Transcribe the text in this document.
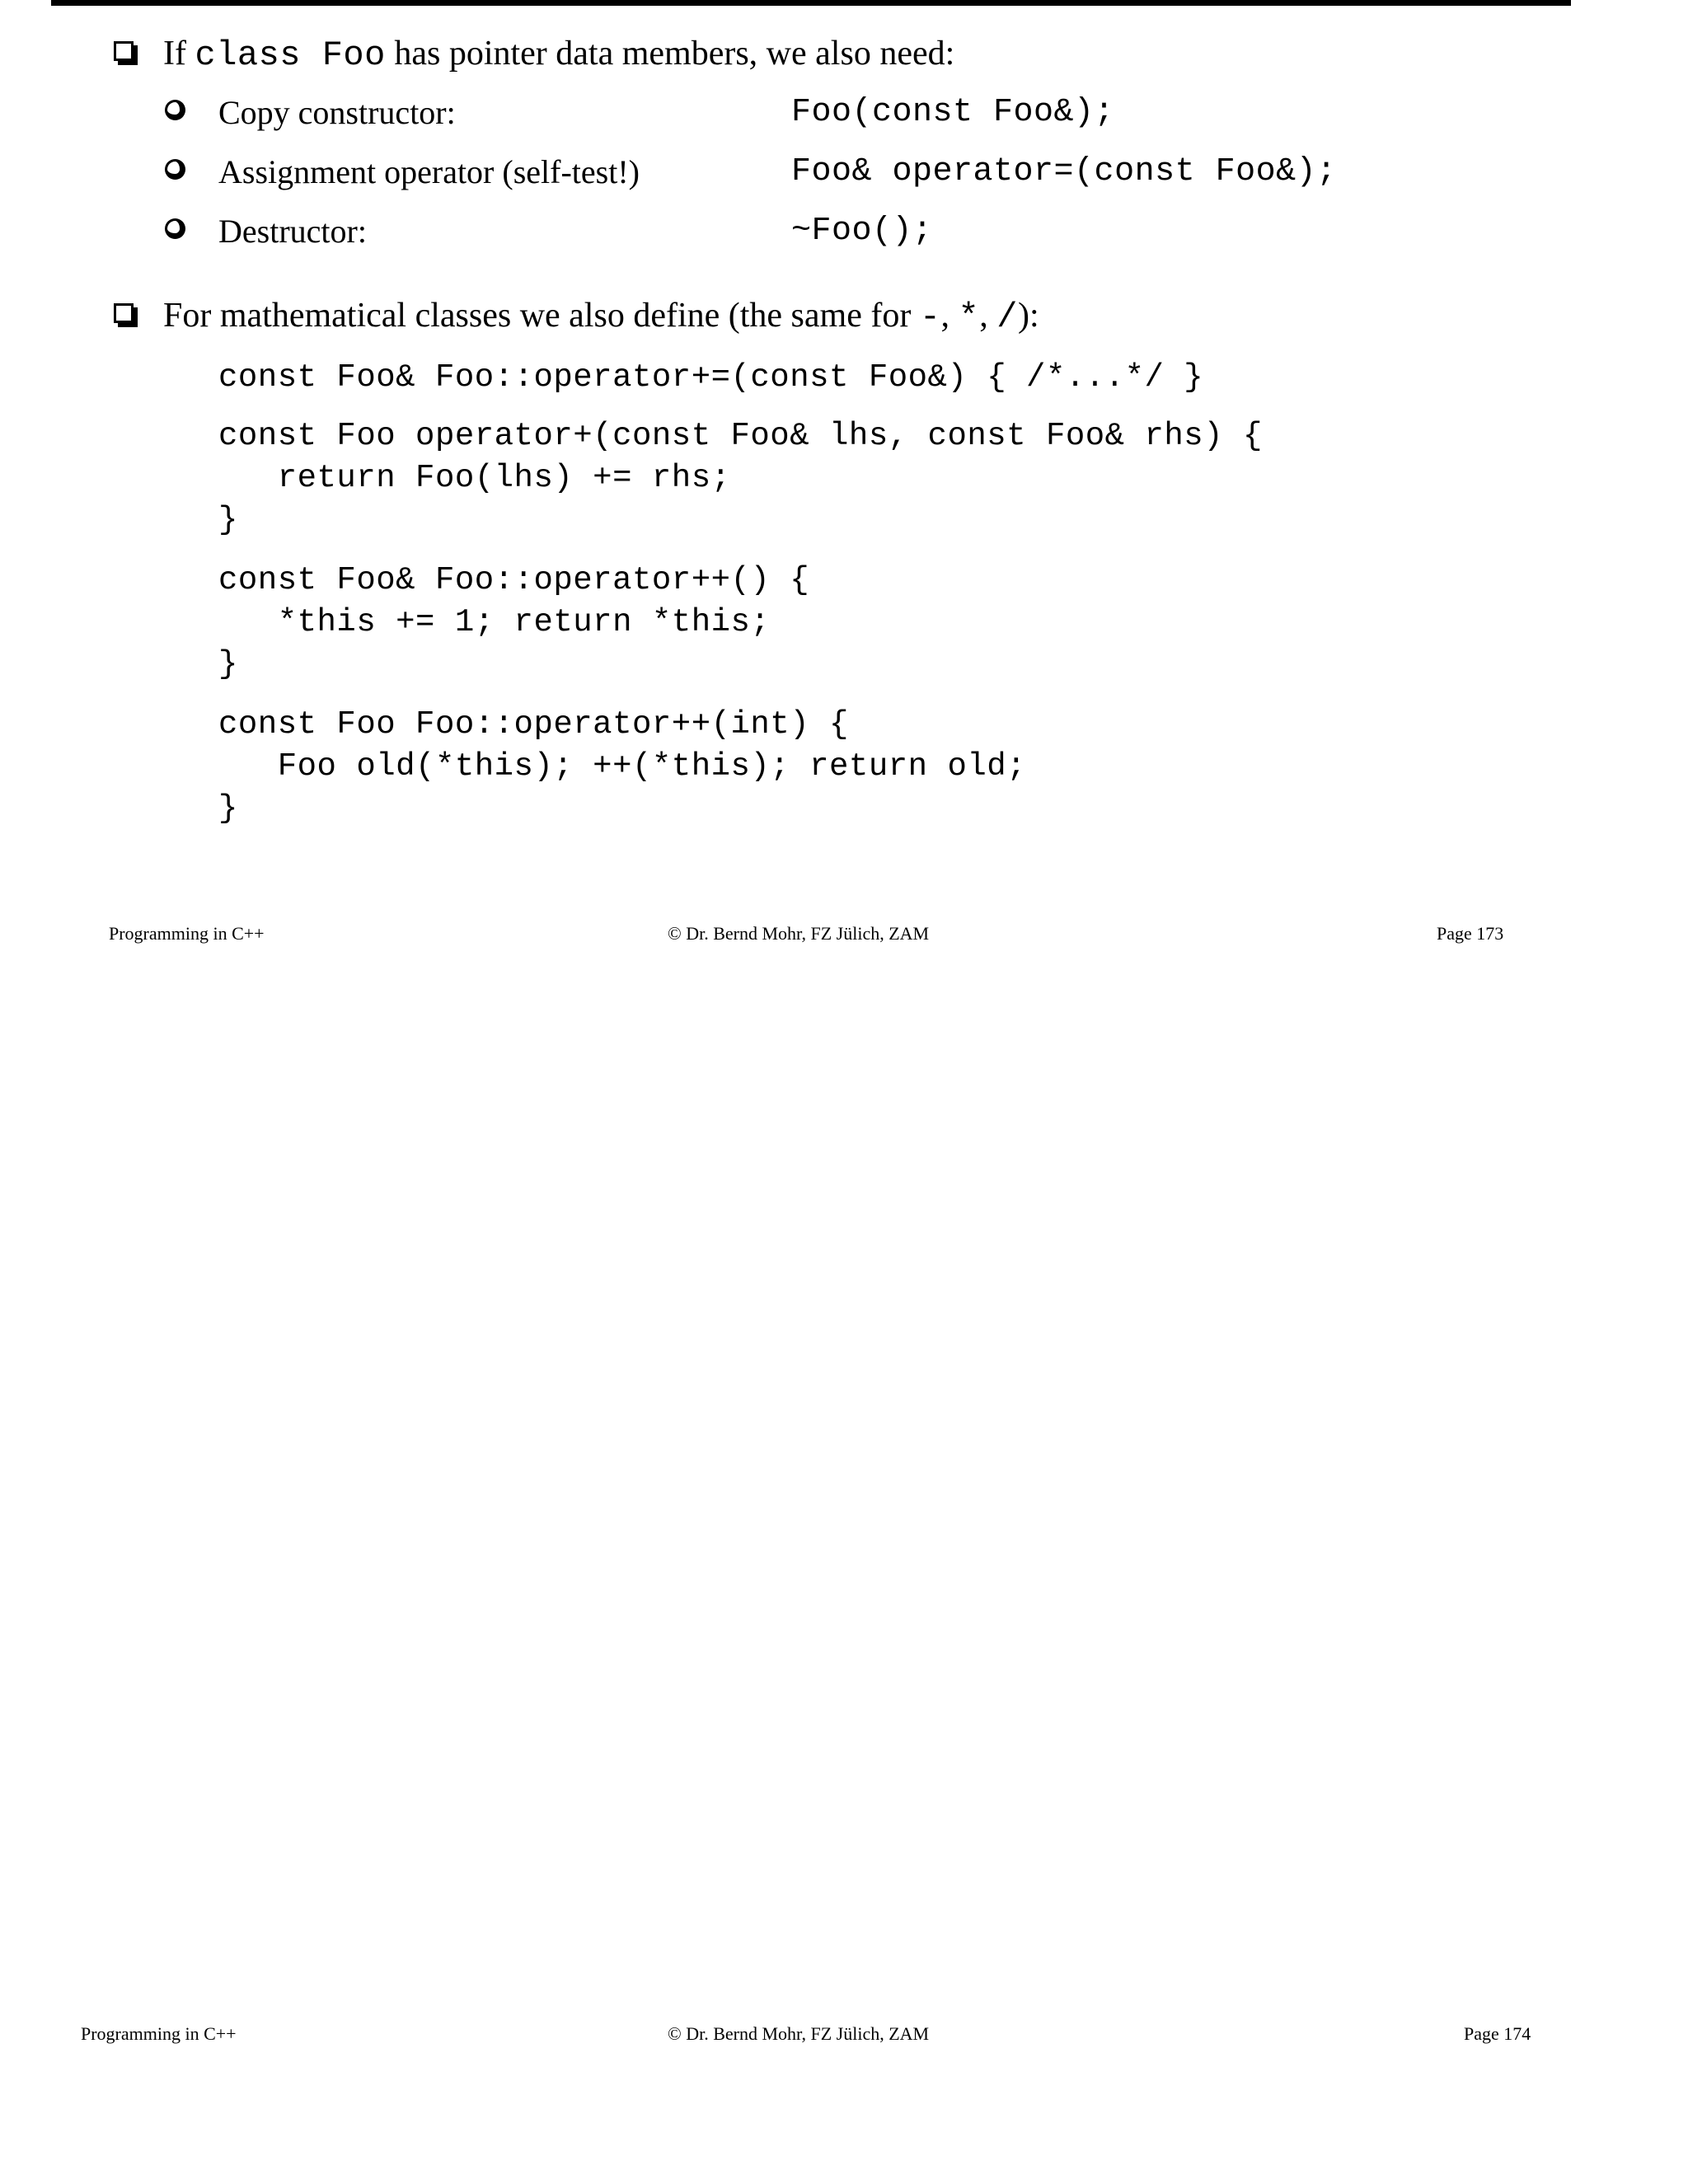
If class Foo has pointer data members, we also need:
Copy constructor:	Foo(const Foo&);
Assignment operator (self-test!)	Foo& operator=(const Foo&);
Destructor:	~Foo();
For mathematical classes we also define (the same for -, *, /):
const Foo& Foo::operator+=(const Foo&) { /*...*/ }
const Foo operator+(const Foo& lhs, const Foo& rhs) {
return Foo(lhs) += rhs;
}
const Foo& Foo::operator++() {
*this += 1; return *this;
}
const Foo Foo::operator++(int) {
Foo old(*this); ++(*this); return old;
}
Programming in C++	© Dr. Bernd Mohr, FZ Jülich, ZAM	Page 173
Programming in C++	© Dr. Bernd Mohr, FZ Jülich, ZAM	Page 174
